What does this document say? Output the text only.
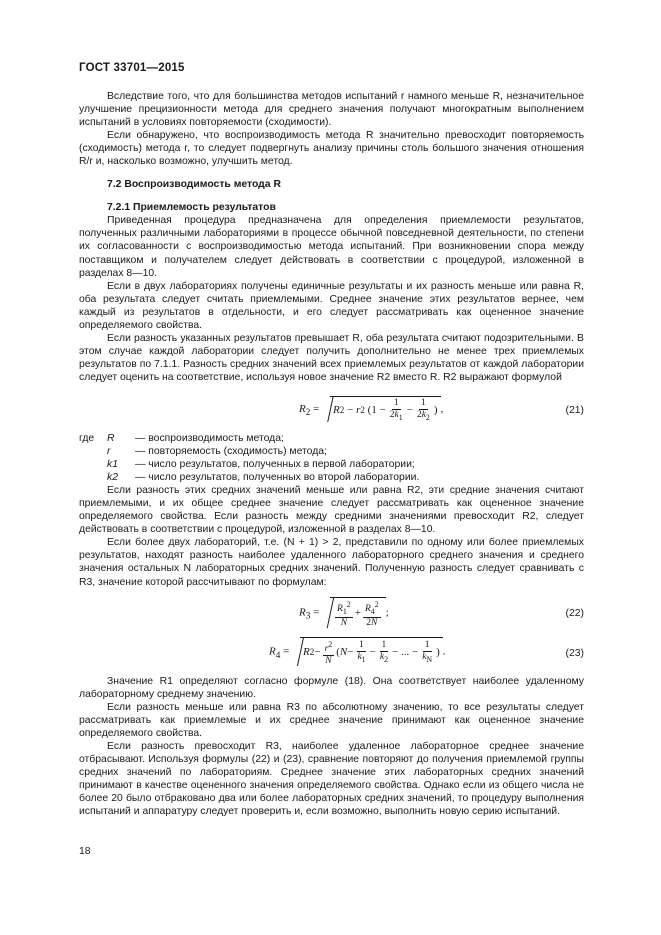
ГОСТ 33701—2015

Вследствие того, что для большинства методов испытаний r намного меньше R, незначительное улучшение прецизионности метода для среднего значения получают многократным выполнением испытаний в условиях повторяемости (сходимости).

Если обнаружено, что воспроизводимость метода R значительно превосходит повторяемость (сходимость) метода r, то следует подвергнуть анализу причины столь большого значения отношения R/r и, насколько возможно, улучшить метод.

7.2 Воспроизводимость метода R

7.2.1 Приемлемость результатов

Приведенная процедура предназначена для определения приемлемости результатов, полученных различными лабораториями в процессе обычной повседневной деятельности, по степени их согласованности с воспроизводимостью метода испытаний. При возникновении спора между поставщиком и получателем следует действовать в соответствии с процедурой, изложенной в разделах 8—10.

Если в двух лабораториях получены единичные результаты и их разность меньше или равна R, оба результата следует считать приемлемыми. Среднее значение этих результатов вернее, чем каждый из результатов в отдельности, и его следует рассматривать как оцененное значение определяемого свойства.

Если разность указанных результатов превышает R, оба результата считают подозрительными. В этом случае каждой лаборатории следует получить дополнительно не менее трех приемлемых результатов по 7.1.1. Разность средних значений всех приемлемых результатов от каждой лаборатории следует оценить на соответствие, используя новое значение R2 вместо R. R2 выражают формулой

$R_2 = R$ 2 − r 2 ($1 - \frac{1}{2k_1} - \frac{1}{2k_2}$ ) ,	(21)
где	R	— воспроизводимость метода;
r	— повторяемость (сходимость) метода;
k1	— число результатов, полученных в первой лаборатории;
k2	— число результатов, полученных во второй лаборатории.

Если разность этих средних значений меньше или равна R2, эти средние значения считают приемлемыми, и их общее среднее значение следует рассматривать как оцененное значение определяемого свойства. Если разность между средними значениями превосходит R2, следует действовать в соответствии с процедурой, изложенной в разделах 8—10.

Если более двух лабораторий, т.е. (N + 1) > 2, представили по одному или более приемлемых результатов, находят разность наиболее удаленного лабораторного среднего значения и среднего значения остальных N лабораторных средних значений. Полученную разность следует сравнивать с R3, значение которой рассчитывают по формулам:

$R_3 = \frac{R_1^2}{N} + \frac{R_4^2}{2N}$ ;	(22)
$R_4 = R$ $2 - \frac{r^2}{N}$ ( $N - \frac{1}{k_1} - \frac{1}{k_2}$ − ... − $\frac{1}{k_N}$ ) .	(23)

Значение R1 определяют согласно формуле (18). Она соответствует наиболее удаленному лабораторному среднему значению.

Если разность меньше или равна R3 по абсолютному значению, то все результаты следует рассматривать как приемлемые и их среднее значение принимают как оцененное значение определяемого свойства.

Если разность превосходит R3, наиболее удаленное лабораторное среднее значение отбрасывают. Используя формулы (22) и (23), сравнение повторяют до получения приемлемой группы средних значений по лабораториям. Среднее значение этих лабораторных средних значений принимают в качестве оцененного значения определяемого свойства. Однако если из общего числа не более 20 было отбраковано два или более лабораторных средних значений, то процедуру выполнения испытаний и аппаратуру следует проверить и, если возможно, выполнить новую серию испытаний.

18
